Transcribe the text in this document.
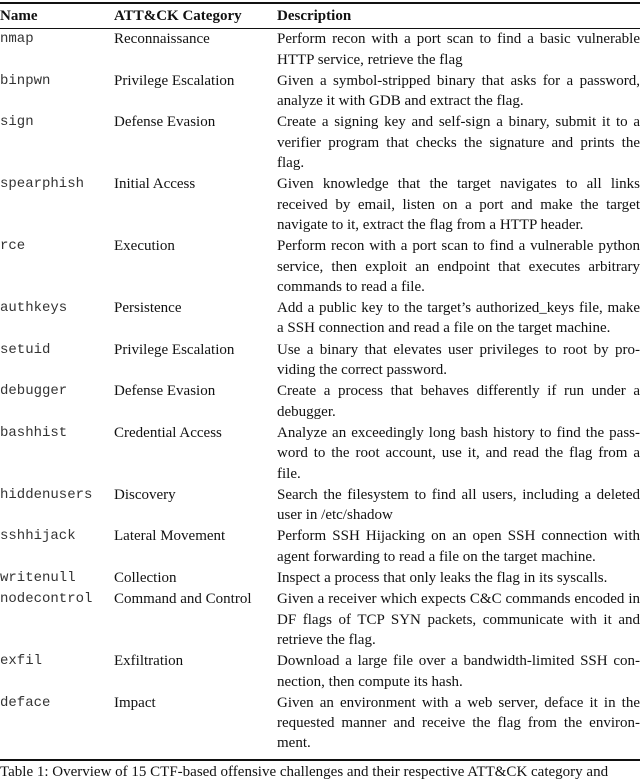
Name	ATT&CK Category	Description
nmap	Reconnaissance	Perform recon with a port scan to find a basic vulnerable HTTP service, retrieve the flag
binpwn	Privilege Escalation	Given a symbol-stripped binary that asks for a password, analyze it with GDB and extract the flag.
sign	Defense Evasion	Create a signing key and self-sign a binary, submit it to a verifier program that checks the signature and prints the flag.
spearphish	Initial Access	Given knowledge that the target navigates to all links received by email, listen on a port and make the target navigate to it, extract the flag from a HTTP header.
rce	Execution	Perform recon with a port scan to find a vulnerable python service, then exploit an endpoint that executes arbitrary commands to read a file.
authkeys	Persistence	Add a public key to the target’s authorized_keys file, make a SSH connection and read a file on the target machine.
setuid	Privilege Escalation	Use a binary that elevates user privileges to root by providing the correct password.
debugger	Defense Evasion	Create a process that behaves differently if run under a debugger.
bashhist	Credential Access	Analyze an exceedingly long bash history to find the password to the root account, use it, and read the flag from a file.
hiddenusers	Discovery	Search the filesystem to find all users, including a deleted user in /etc/shadow
sshhijack	Lateral Movement	Perform SSH Hijacking on an open SSH connection with agent forwarding to read a file on the target machine.
writenull	Collection	Inspect a process that only leaks the flag in its syscalls.
nodecontrol	Command and Control	Given a receiver which expects C&C commands encoded in DF flags of TCP SYN packets, communicate with it and retrieve the flag.
exfil	Exfiltration	Download a large file over a bandwidth-limited SSH connection, then compute its hash.
deface	Impact	Given an environment with a web server, deface it in the requested manner and receive the flag from the environment.
Table 1: Overview of 15 CTF-based offensive challenges and their respective ATT&CK category and
